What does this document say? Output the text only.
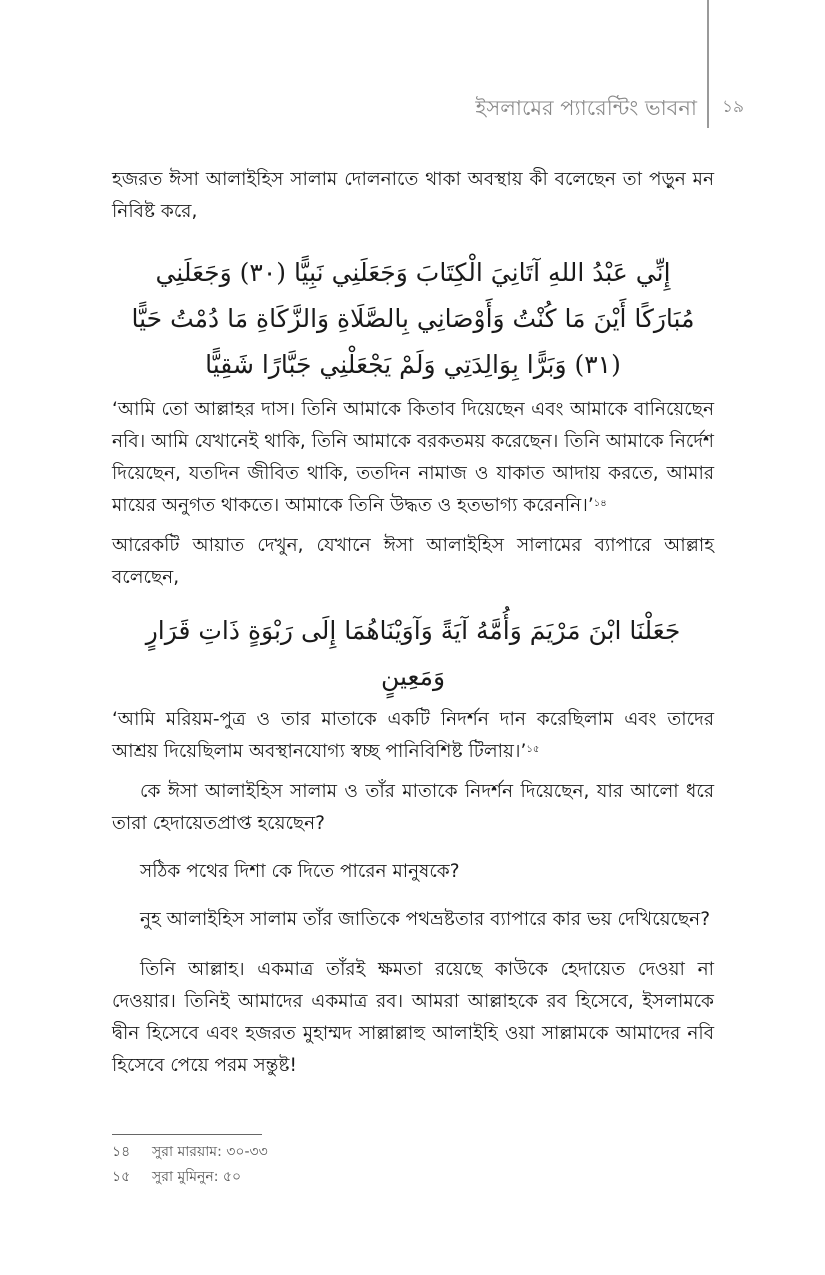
ইসলামের প্যারেন্টিং ভাবনা ১৯

হজরত ঈসা আলাইহিস সালাম দোলনাতে থাকা অবস্থায় কী বলেছেন তা পড়ুন মন নিবিষ্ট করে,

إِنِّي عَبْدُ اللهِ آتَانِيَ الْكِتَابَ وَجَعَلَنِي نَبِيًّا (٣٠) وَجَعَلَنِي

مُبَارَكًا أَيْنَ مَا كُنْتُ وَأَوْصَانِي بِالصَّلَاةِ وَالزَّكَاةِ مَا دُمْتُ حَيًّا

(٣١) وَبَرًّا بِوَالِدَتِي وَلَمْ يَجْعَلْنِي جَبَّارًا شَقِيًّا

‘আমি তো আল্লাহর দাস। তিনি আমাকে কিতাব দিয়েছেন এবং আমাকে বানিয়েছেন নবি। আমি যেখানেই থাকি, তিনি আমাকে বরকতময় করেছেন। তিনি আমাকে নির্দেশ দিয়েছেন, যতদিন জীবিত থাকি, ততদিন নামাজ ও যাকাত আদায় করতে, আমার মায়ের অনুগত থাকতে। আমাকে তিনি উদ্ধত ও হতভাগ্য করেননি।’$^{১৪}$

আরেকটি আয়াত দেখুন, যেখানে ঈসা আলাইহিস সালামের ব্যাপারে আল্লাহ বলেছেন,

جَعَلْنَا ابْنَ مَرْيَمَ وَأُمَّهُ آيَةً وَآوَيْنَاهُمَا إِلَى رَبْوَةٍ ذَاتِ قَرَارٍ

وَمَعِينٍ

‘আমি মরিয়ম-পুত্র ও তার মাতাকে একটি নিদর্শন দান করেছিলাম এবং তাদের আশ্রয় দিয়েছিলাম অবস্থানযোগ্য স্বচ্ছ পানিবিশিষ্ট টিলায়।’$^{১৫}$

কে ঈসা আলাইহিস সালাম ও তাঁর মাতাকে নিদর্শন দিয়েছেন, যার আলো ধরে তারা হেদায়েতপ্রাপ্ত হয়েছেন?

সঠিক পথের দিশা কে দিতে পারেন মানুষকে?

নুহ আলাইহিস সালাম তাঁর জাতিকে পথভ্রষ্টতার ব্যাপারে কার ভয় দেখিয়েছেন?

তিনি আল্লাহ। একমাত্র তাঁরই ক্ষমতা রয়েছে কাউকে হেদায়েত দেওয়া না দেওয়ার। তিনিই আমাদের একমাত্র রব। আমরা আল্লাহকে রব হিসেবে, ইসলামকে দ্বীন হিসেবে এবং হজরত মুহাম্মদ সাল্লাল্লাহু আলাইহি ওয়া সাল্লামকে আমাদের নবি হিসেবে পেয়ে পরম সন্তুষ্ট!

১৪	সুরা মারয়াম: ৩০-৩৩
১৫	সুরা মুমিনুন: ৫০
